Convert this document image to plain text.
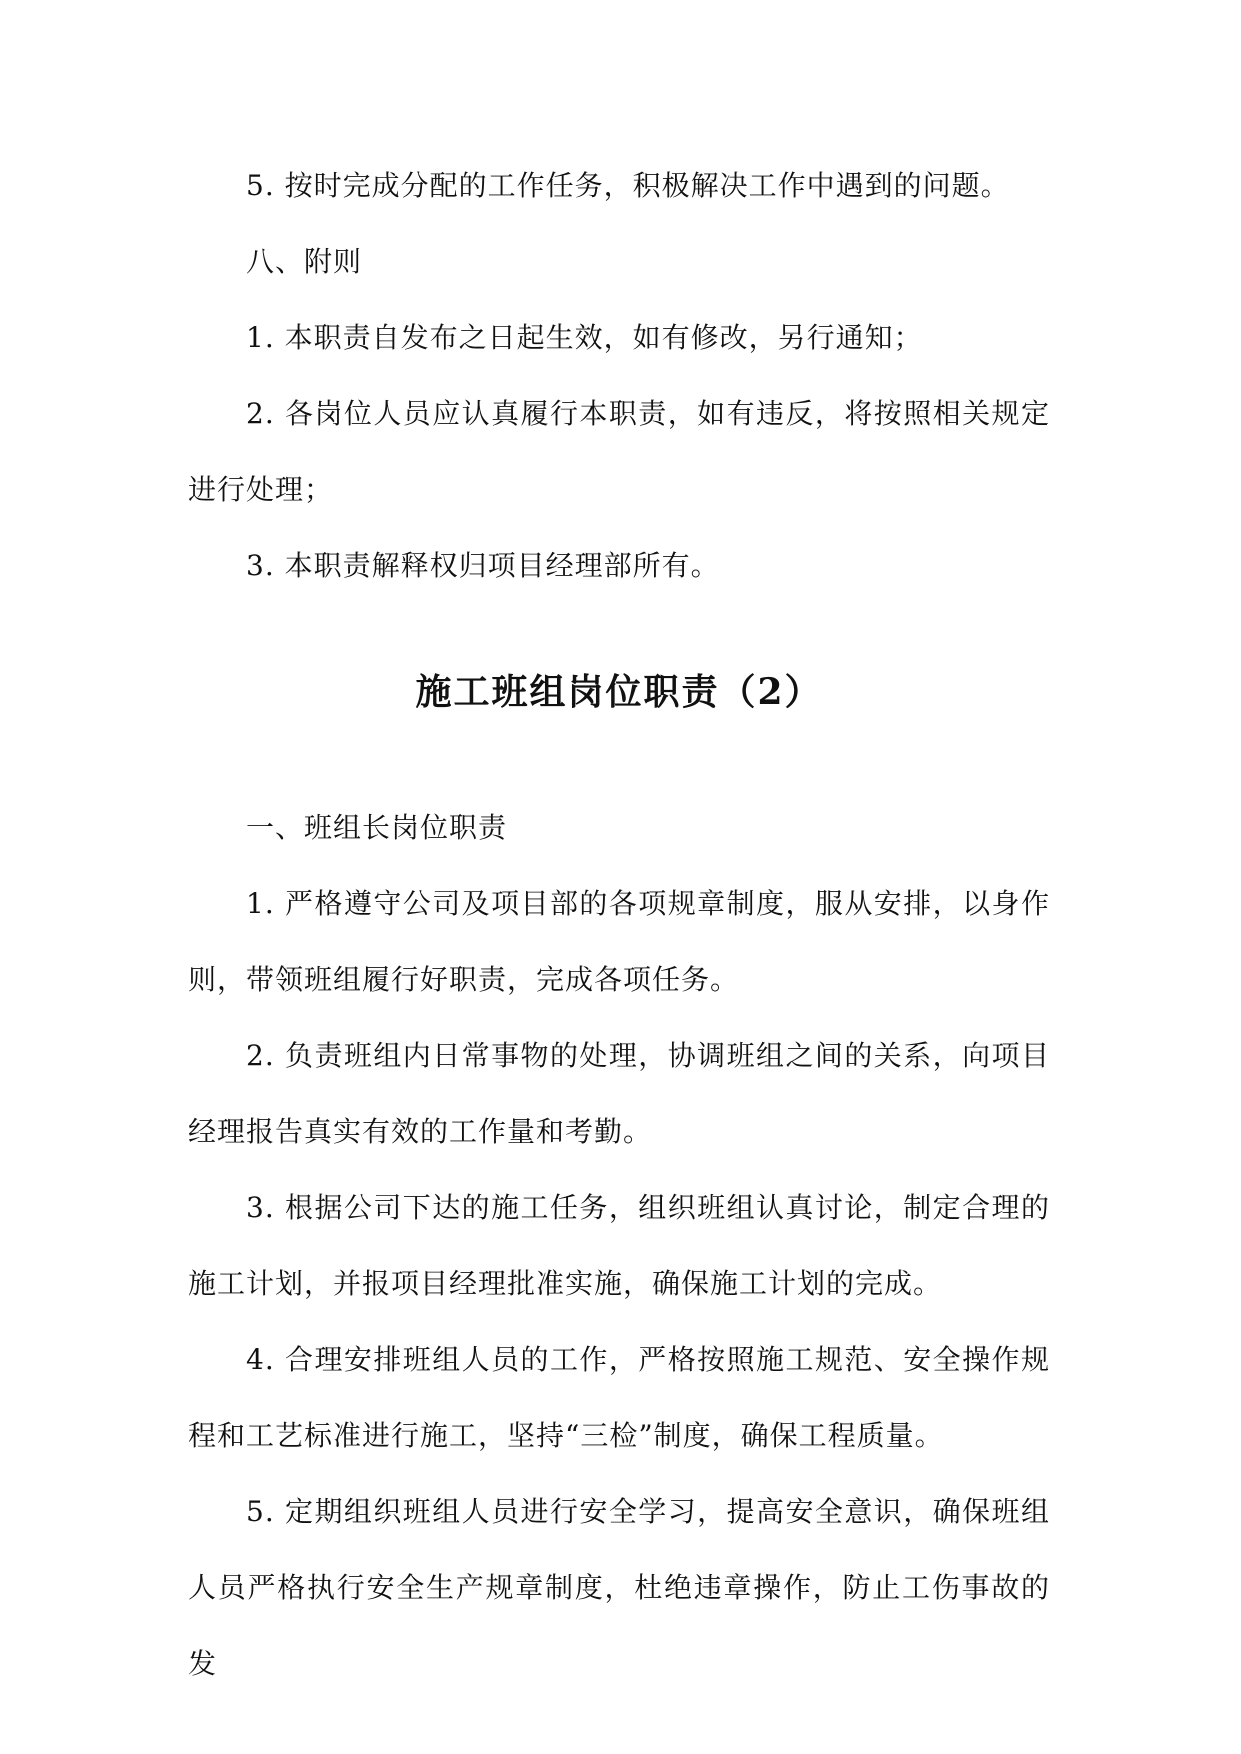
5. 按时完成分配的工作任务，积极解决工作中遇到的问题。

八、附则

1. 本职责自发布之日起生效，如有修改，另行通知；

2. 各岗位人员应认真履行本职责，如有违反，将按照相关规定进行处理；

3. 本职责解释权归项目经理部所有。

施工班组岗位职责（2）

一、班组长岗位职责

1. 严格遵守公司及项目部的各项规章制度，服从安排，以身作则，带领班组履行好职责，完成各项任务。

2. 负责班组内日常事物的处理，协调班组之间的关系，向项目经理报告真实有效的工作量和考勤。

3. 根据公司下达的施工任务，组织班组认真讨论，制定合理的施工计划，并报项目经理批准实施，确保施工计划的完成。

4. 合理安排班组人员的工作，严格按照施工规范、安全操作规程和工艺标准进行施工，坚持“三检”制度，确保工程质量。

5. 定期组织班组人员进行安全学习，提高安全意识，确保班组人员严格执行安全生产规章制度，杜绝违章操作，防止工伤事故的发
